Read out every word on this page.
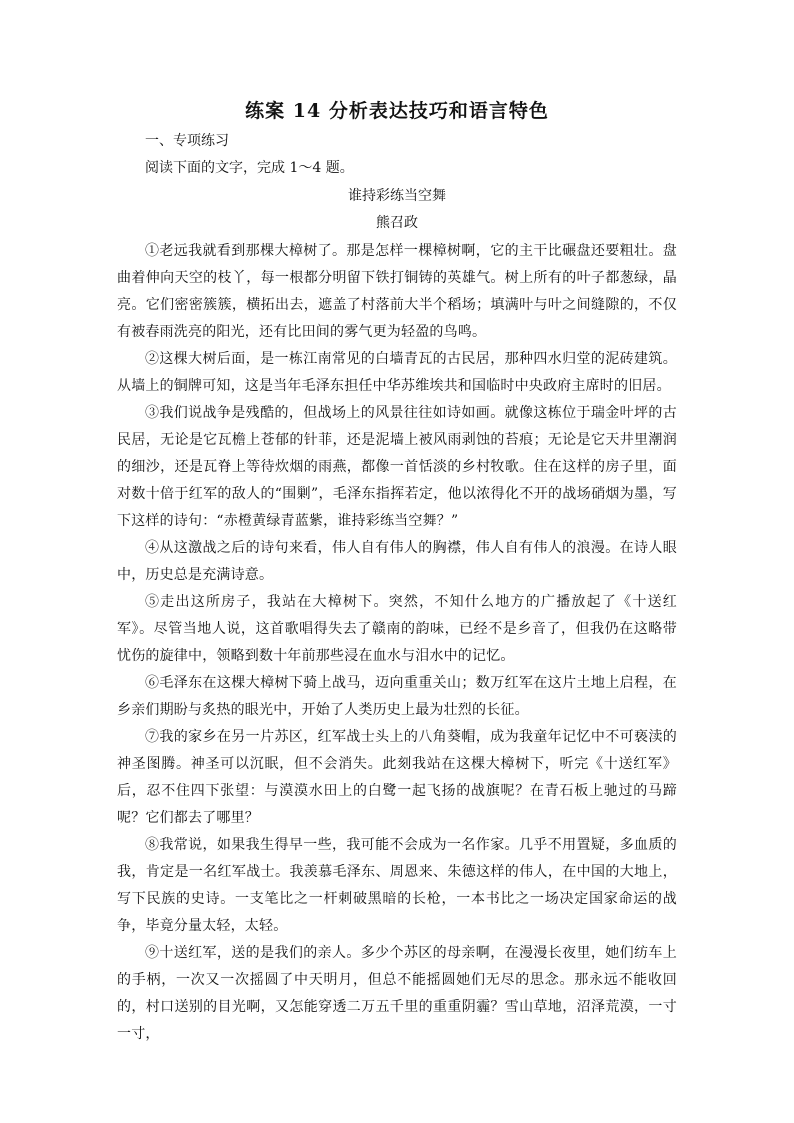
练案 14 分析表达技巧和语言特色
一、专项练习
阅读下面的文字，完成 1～4 题。
谁持彩练当空舞
熊召政

①老远我就看到那棵大樟树了。那是怎样一棵樟树啊，它的主干比碾盘还要粗壮。盘曲着伸向天空的枝丫，每一根都分明留下铁打铜铸的英雄气。树上所有的叶子都葱绿，晶亮。它们密密簇簇，横拓出去，遮盖了村落前大半个稻场；填满叶与叶之间缝隙的，不仅有被春雨洗亮的阳光，还有比田间的雾气更为轻盈的鸟鸣。

②这棵大树后面，是一栋江南常见的白墙青瓦的古民居，那种四水归堂的泥砖建筑。从墙上的铜牌可知，这是当年毛泽东担任中华苏维埃共和国临时中央政府主席时的旧居。

③我们说战争是残酷的，但战场上的风景往往如诗如画。就像这栋位于瑞金叶坪的古民居，无论是它瓦檐上苍郁的针菲，还是泥墙上被风雨剥蚀的苔痕；无论是它天井里潮润的细沙，还是瓦脊上等待炊烟的雨燕，都像一首恬淡的乡村牧歌。住在这样的房子里，面对数十倍于红军的敌人的“围剿”，毛泽东指挥若定，他以浓得化不开的战场硝烟为墨，写下这样的诗句：“赤橙黄绿青蓝紫，谁持彩练当空舞？”

④从这激战之后的诗句来看，伟人自有伟人的胸襟，伟人自有伟人的浪漫。在诗人眼中，历史总是充满诗意。

⑤走出这所房子，我站在大樟树下。突然，不知什么地方的广播放起了《十送红军》。尽管当地人说，这首歌唱得失去了赣南的韵味，已经不是乡音了，但我仍在这略带忧伤的旋律中，领略到数十年前那些浸在血水与泪水中的记忆。

⑥毛泽东在这棵大樟树下骑上战马，迈向重重关山；数万红军在这片土地上启程，在乡亲们期盼与炙热的眼光中，开始了人类历史上最为壮烈的长征。

⑦我的家乡在另一片苏区，红军战士头上的八角葵帽，成为我童年记忆中不可亵渎的神圣图腾。神圣可以沉眠，但不会消失。此刻我站在这棵大樟树下，听完《十送红军》后，忍不住四下张望：与漠漠水田上的白鹭一起飞扬的战旗呢？在青石板上驰过的马蹄呢？它们都去了哪里？

⑧我常说，如果我生得早一些，我可能不会成为一名作家。几乎不用置疑，多血质的我，肯定是一名红军战士。我羡慕毛泽东、周恩来、朱德这样的伟人，在中国的大地上，写下民族的史诗。一支笔比之一杆刺破黑暗的长枪，一本书比之一场决定国家命运的战争，毕竟分量太轻，太轻。

⑨十送红军，送的是我们的亲人。多少个苏区的母亲啊，在漫漫长夜里，她们纺车上的手柄，一次又一次摇圆了中天明月，但总不能摇圆她们无尽的思念。那永远不能收回的，村口送别的目光啊，又怎能穿透二万五千里的重重阴霾？雪山草地，沼泽荒漠，一寸一寸，
